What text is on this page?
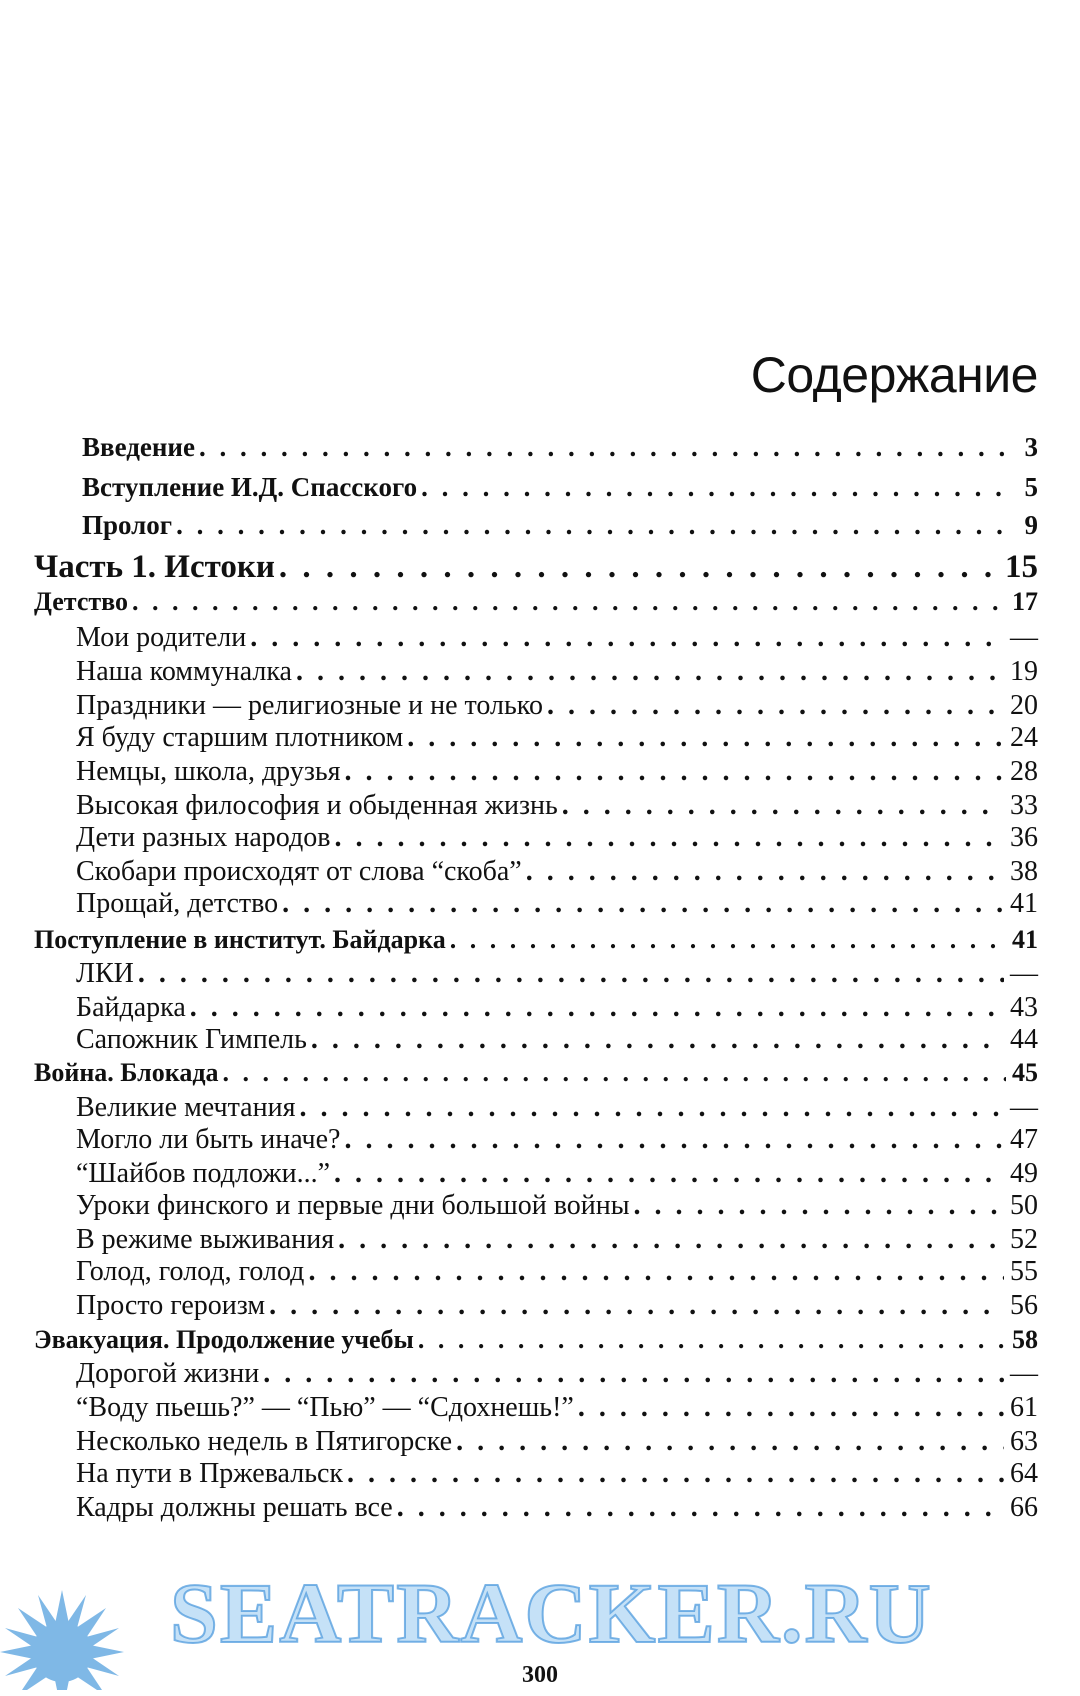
Содержание
Введение . . .	3
Вступление И.Д. Спасского . . .	5
Пролог . . .	9
Часть 1. Истоки . . .	15
Детство . . .	17
Мои родители . . .	—
Наша коммуналка . . .	19
Праздники — религиозные и не только . . .	20
Я буду старшим плотником . . .	24
Немцы, школа, друзья . . .	28
Высокая философия и обыденная жизнь . . .	33
Дети разных народов . . .	36
Скобари происходят от слова “скоба” . . .	38
Прощай, детство . . .	41
Поступление в институт. Байдарка . . .	41
ЛКИ . . .	—
Байдарка . . .	43
Сапожник Гимпель . . .	44
Война. Блокада . . .	45
Великие мечтания . . .	—
Могло ли быть иначе? . . .	47
“Шайбов подложи...” . . .	49
Уроки финского и первые дни большой войны . . .	50
В режиме выживания . . .	52
Голод, голод, голод . . .	55
Просто героизм . . .	56
Эвакуация. Продолжение учебы . . .	58
Дорогой жизни . . .	—
“Воду пьешь?” — “Пью” — “Сдохнешь!” . . .	61
Несколько недель в Пятигорске . . .	63
На пути в Пржевальск . . .	64
Кадры должны решать все . . .	66
300
SEATRACKER.RU
